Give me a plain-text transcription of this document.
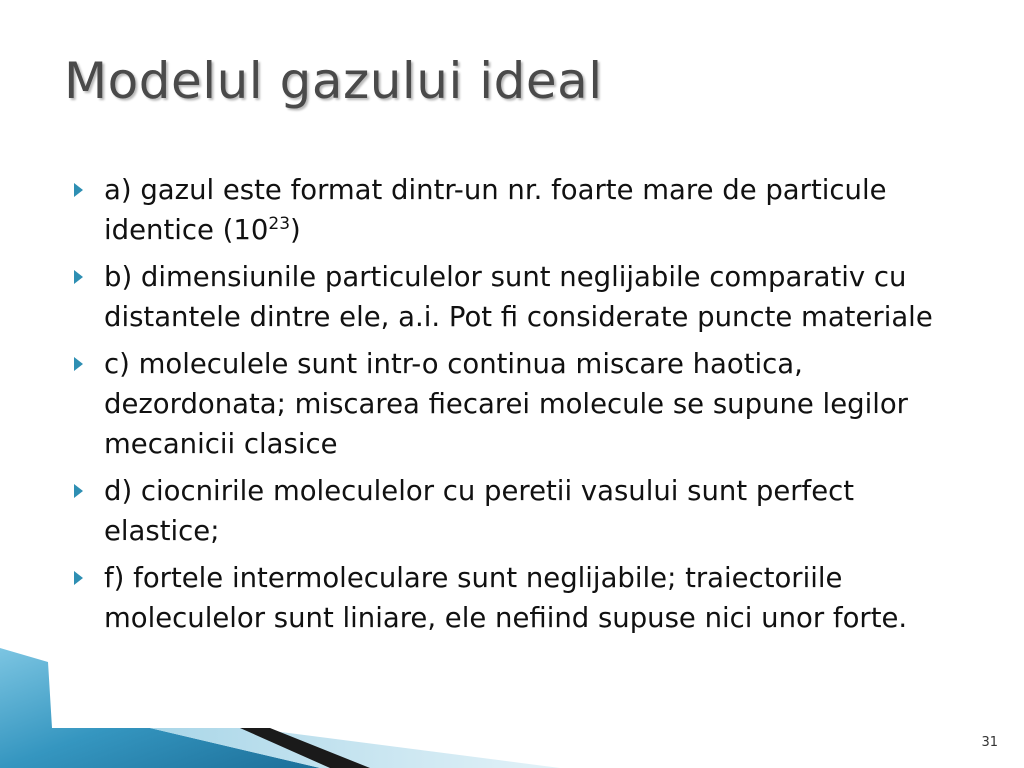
Modelul gazului ideal
a) gazul este format dintr-un nr. foarte mare de particule identice $(10^{23})$
b) dimensiunile particulelor sunt neglijabile comparativ cu distantele dintre ele, a.i. Pot fi considerate puncte materiale
c) moleculele sunt intr-o continua miscare haotica, dezordonata; miscarea fiecarei molecule se supune legilor mecanicii clasice
d) ciocnirile moleculelor cu peretii vasului sunt perfect elastice;
f) fortele intermoleculare sunt neglijabile; traiectoriile moleculelor sunt liniare, ele nefiind supuse nici unor forte.
31
